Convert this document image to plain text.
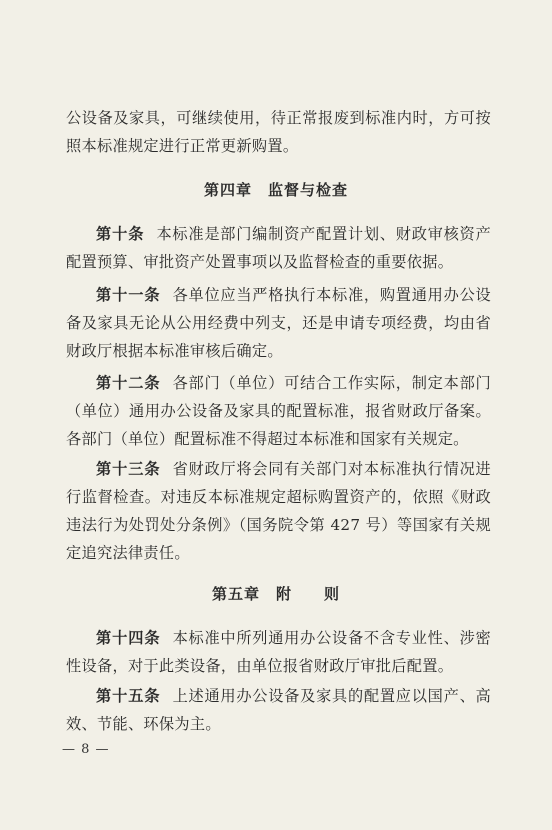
公设备及家具，可继续使用，待正常报废到标准内时，方可按照本标准规定进行正常更新购置。

第四章　监督与检查

第十条 本标准是部门编制资产配置计划、财政审核资产配置预算、审批资产处置事项以及监督检查的重要依据。

第十一条 各单位应当严格执行本标准，购置通用办公设备及家具无论从公用经费中列支，还是申请专项经费，均由省财政厅根据本标准审核后确定。

第十二条 各部门（单位）可结合工作实际，制定本部门（单位）通用办公设备及家具的配置标准，报省财政厅备案。各部门（单位）配置标准不得超过本标准和国家有关规定。

第十三条 省财政厅将会同有关部门对本标准执行情况进行监督检查。对违反本标准规定超标购置资产的，依照《财政违法行为处罚处分条例》（国务院令第 427 号）等国家有关规定追究法律责任。

第五章　附　　则

第十四条 本标准中所列通用办公设备不含专业性、涉密性设备，对于此类设备，由单位报省财政厅审批后配置。

第十五条 上述通用办公设备及家具的配置应以国产、高效、节能、环保为主。

— 8 —
